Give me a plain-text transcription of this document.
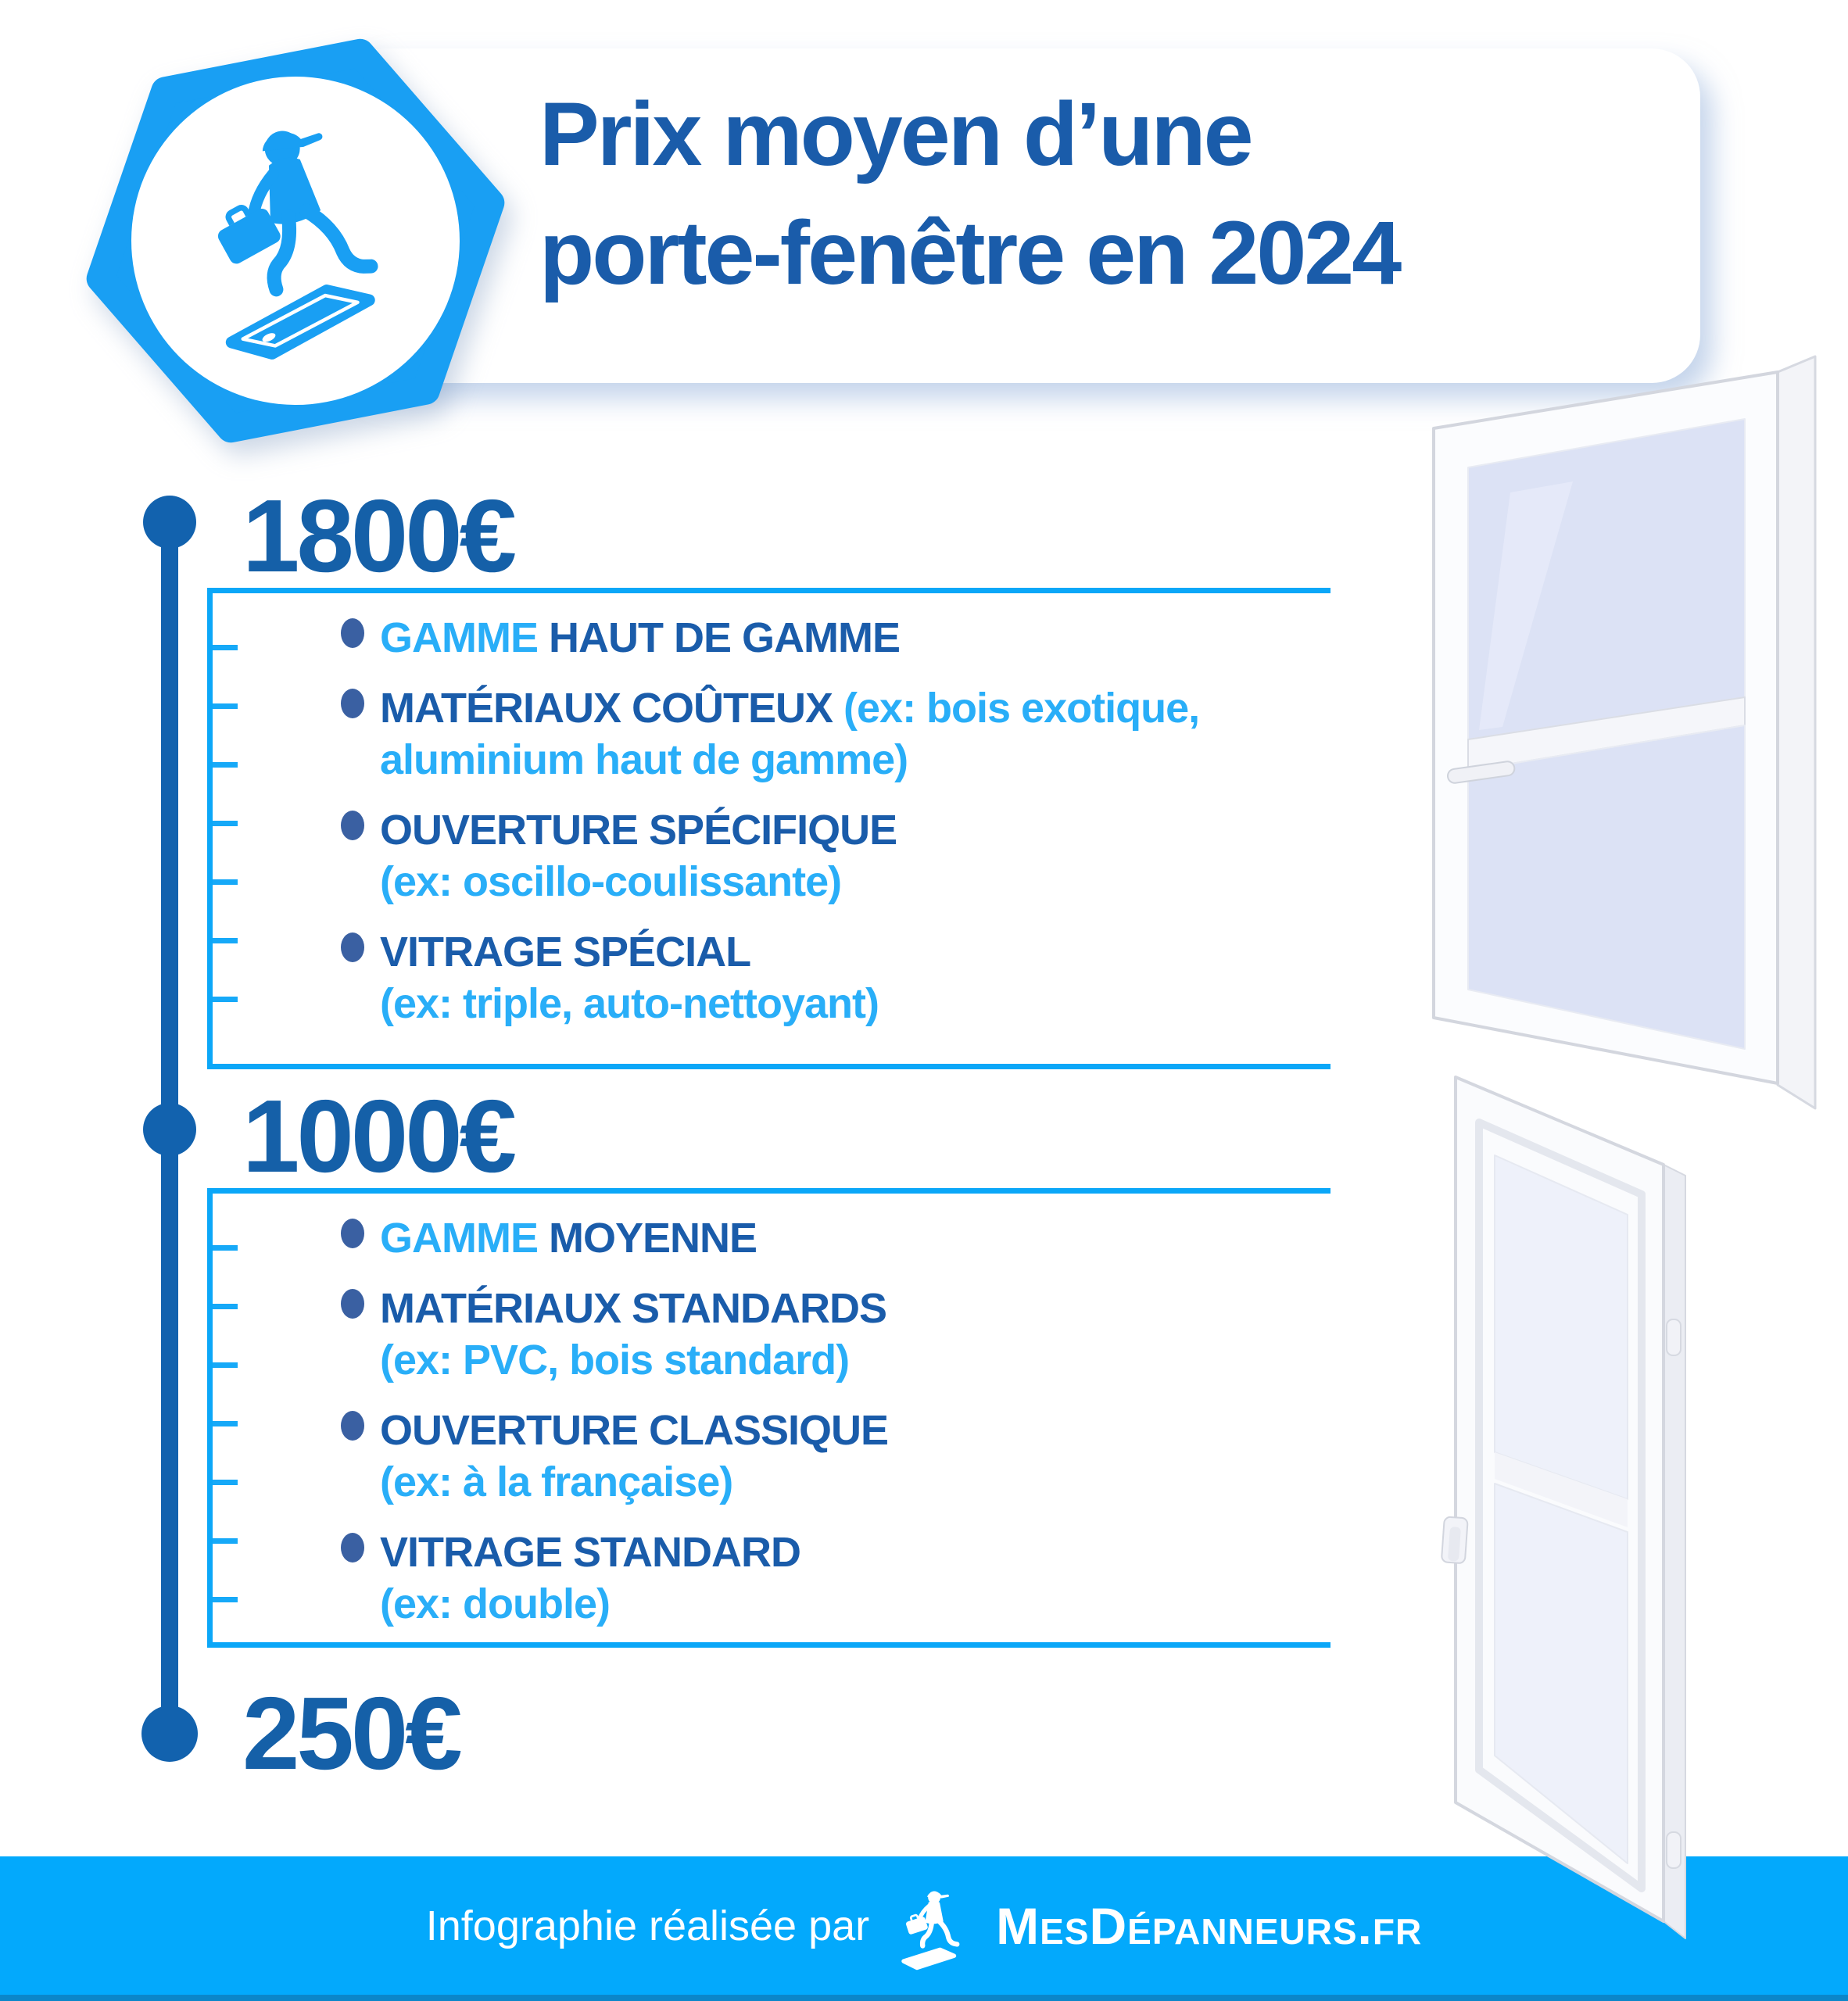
Prix moyen d’une
porte-fenêtre en 2024
1800€
1000€
250€
GAMME HAUT DE GAMME
MATÉRIAUX COÛTEUX (ex: bois exotique,
aluminium haut de gamme)
OUVERTURE SPÉCIFIQUE
(ex: oscillo-coulissante)
VITRAGE SPÉCIAL
(ex: triple, auto-nettoyant)
GAMME MOYENNE
MATÉRIAUX STANDARDS
(ex: PVC, bois standard)
OUVERTURE CLASSIQUE
(ex: à la française)
VITRAGE STANDARD
(ex: double)
Infographie réalisée par MesDépanneurs.fr
